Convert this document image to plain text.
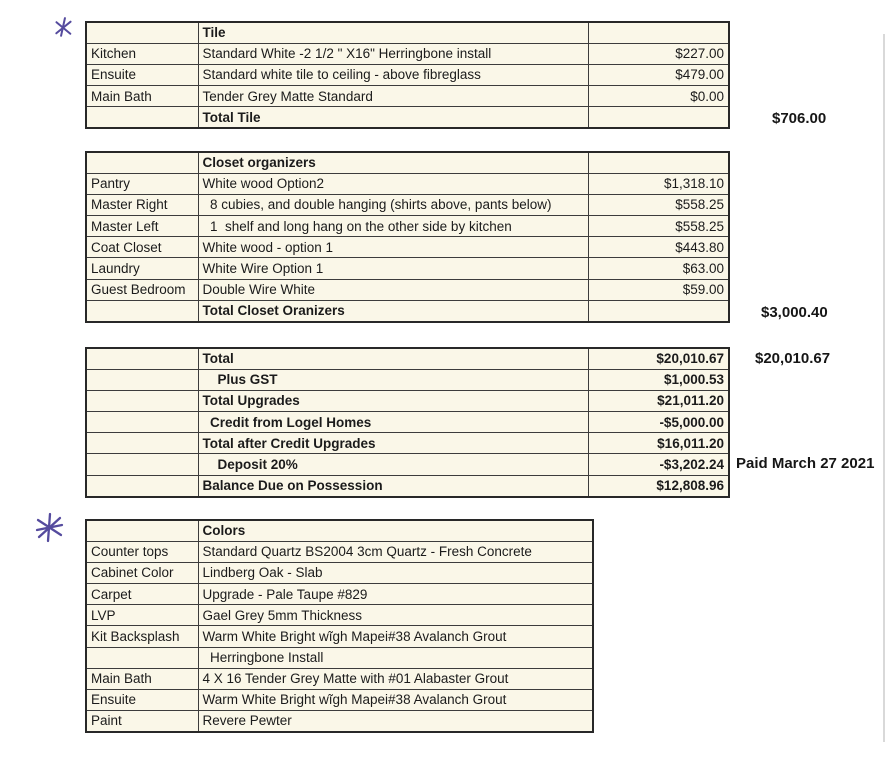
	Tile	
Kitchen	Standard White -2 1/2 " X16" Herringbone install	$227.00
Ensuite	Standard white tile to ceiling - above fibreglass	$479.00
Main Bath	Tender Grey Matte Standard	$0.00
	Total Tile	
	Closet organizers	
Pantry	White wood Option2	$1,318.10
Master Right	8 cubies, and double hanging (shirts above, pants below)	$558.25
Master Left	1  shelf and long hang on the other side by kitchen	$558.25
Coat Closet	White wood - option 1	$443.80
Laundry	White Wire Option 1	$63.00
Guest Bedroom	Double Wire White	$59.00
	Total Closet Oranizers	
	Total	$20,010.67
	Plus GST	$1,000.53
	Total Upgrades	$21,011.20
	Credit from Logel Homes	-$5,000.00
	Total after Credit Upgrades	$16,011.20
	Deposit 20%	-$3,202.24
	Balance Due on Possession	$12,808.96
	Colors
Counter tops	Standard Quartz BS2004 3cm Quartz - Fresh Concrete
Cabinet Color	Lindberg Oak - Slab
Carpet	Upgrade - Pale Taupe #829
LVP	Gael Grey 5mm Thickness
Kit Backsplash	Warm White Bright wĩgh Mapei#38 Avalanch Grout
	Herringbone Install
Main Bath	4 X 16 Tender Grey Matte with #01 Alabaster Grout
Ensuite	Warm White Bright wĩgh Mapei#38 Avalanch Grout
Paint	Revere Pewter
$706.00
$3,000.40
$20,010.67
Paid March 27 2021
